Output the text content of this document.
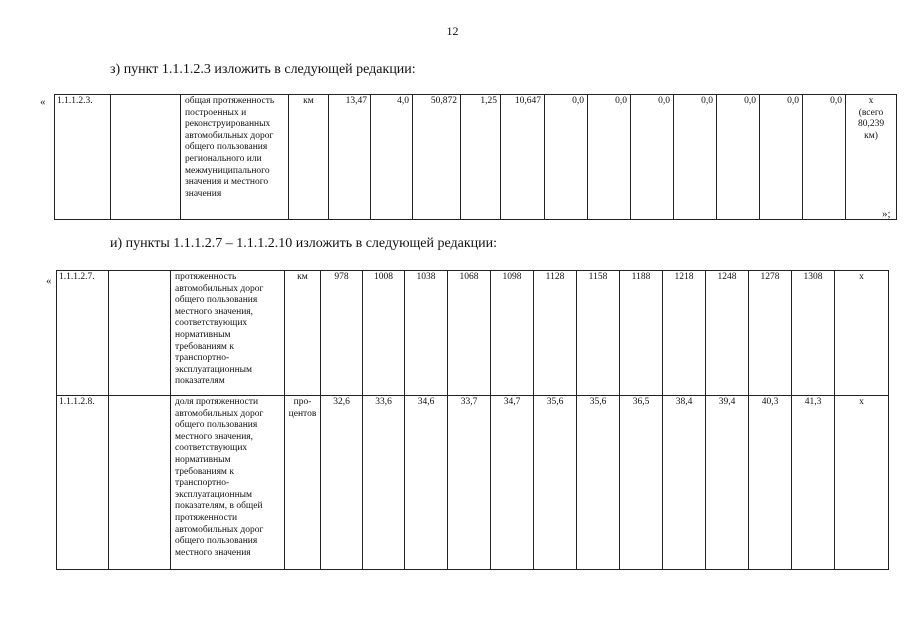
12
з) пункт 1.1.1.2.3 изложить в следующей редакции:
« 1.1.1.2.3.		общая протяженность построенных и реконструированных автомобильных дорог общего пользования регионального или межмуниципального значения и местного значения	км	13,47	4,0	50,872	1,25	10,647	0,0	0,0	0,0	0,0	0,0	0,0	0,0	x
(всего
80,239
км)
»;
и) пункты 1.1.1.2.7 – 1.1.1.2.10 изложить в следующей редакции:
« 1.1.1.2.7.		протяженность автомобильных дорог общего пользования местного значения, соответствующих нормативным требованиям к транспортно-эксплуатационным показателям	км	978	1008	1038	1068	1098	1128	1158	1188	1218	1248	1278	1308	x
1.1.1.2.8.		доля протяженности автомобильных дорог общего пользования местного значения, соответствующих нормативным требованиям к транспортно-эксплуатационным показателям, в общей протяженности автомобильных дорог общего пользования местного значения	про-
центов	32,6	33,6	34,6	33,7	34,7	35,6	35,6	36,5	38,4	39,4	40,3	41,3	x
